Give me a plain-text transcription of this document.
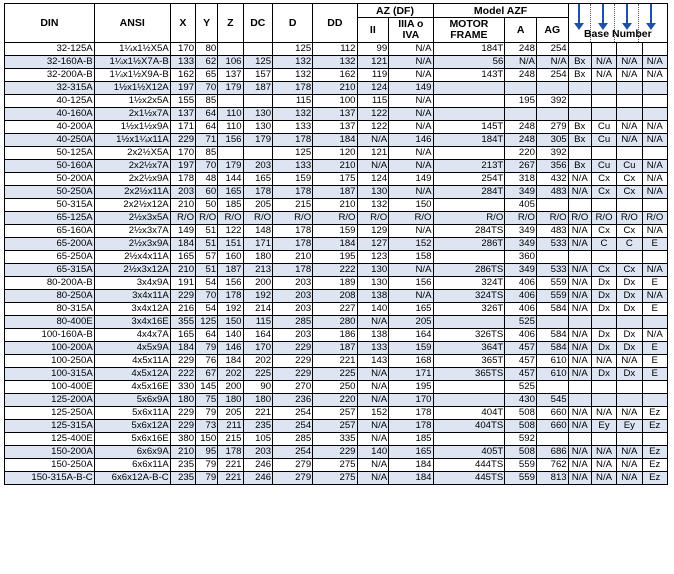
DIN	ANSI	X	Y	Z	DC	D	DD	AZ (DF)		Model AZF			Base Number			

								II	IIIA o IVA	MOTOR FRAME	A	AG				
32-125A	1¼x1½X5A	170	80			125	112	99	N/A	184T	248	254				
32-160A-B	1¼x1½X7A-B	133	62	106	125	132	132	121	N/A	56	N/A	N/A	Bx	N/A	N/A	N/A
32-200A-B	1¼x1½X9A-B	162	65	137	157	132	162	119	N/A	143T	248	254	Bx	N/A	N/A	N/A
32-315A	1½x1½X12A	197	70	179	187	178	210	124	149							
40-125A	1½x2x5A	155	85			115	100	115	N/A		195	392				
40-160A	2x1½x7A	137	64	110	130	132	137	122	N/A							
40-200A	1½x1½x9A	171	64	110	130	133	137	122	N/A	145T	248	279	Bx	Cu	N/A	N/A
40-250A	1½x1¼x11A	229	71	156	179	178	184	N/A	146	184T	248	305	Bx	Cu	N/A	N/A
50-125A	2x2½X5A	170	85			125	120	121	N/A		220	392				
50-160A	2x2½x7A	197	70	179	203	133	210	N/A	N/A	213T	267	356	Bx	Cu	Cu	N/A
50-200A	2x2½x9A	178	48	144	165	159	175	124	149	254T	318	432	N/A	Cx	Cx	N/A
50-250A	2x2½x11A	203	60	165	178	178	187	130	N/A	284T	349	483	N/A	Cx	Cx	N/A
50-315A	2x2½x12A	210	50	185	205	215	210	132	150		405					
65-125A	2½x3x5A	R/O	R/O	R/O	R/O	R/O	R/O	R/O	R/O	R/O	R/O	R/O	R/O	R/O	R/O	R/O
65-160A	2½x3x7A	149	51	122	148	178	159	129	N/A	284TS	349	483	N/A	Cx	Cx	N/A
65-200A	2½x3x9A	184	51	151	171	178	184	127	152	286T	349	533	N/A	C	C	E
65-250A	2½x4x11A	165	57	160	180	210	195	123	158		360					
65-315A	2½x3x12A	210	51	187	213	178	222	130	N/A	286TS	349	533	N/A	Cx	Cx	N/A
80-200A-B	3x4x9A	191	54	156	200	203	189	130	156	324T	406	559	N/A	Dx	Dx	E
80-250A	3x4x11A	229	70	178	192	203	208	138	N/A	324TS	406	559	N/A	Dx	Dx	N/A
80-315A	3x4x12A	216	54	192	214	203	227	140	165	326T	406	584	N/A	Dx	Dx	E
80-400E	3x4x16E	355	125	150	115	285	280	N/A	205		525					
100-160A-B	4x4x7A	165	64	140	164	203	186	138	164	326TS	406	584	N/A	Dx	Dx	N/A
100-200A	4x5x9A	184	79	146	170	229	187	133	159	364T	457	584	N/A	Dx	Dx	E
100-250A	4x5x11A	229	76	184	202	229	221	143	168	365T	457	610	N/A	N/A	N/A	E
100-315A	4x5x12A	222	67	202	225	229	225	N/A	171	365TS	457	610	N/A	Dx	Dx	E
100-400E	4x5x16E	330	145	200	90	270	250	N/A	195		525					
125-200A	5x6x9A	180	75	180	180	236	220	N/A	170		430	545				
125-250A	5x6x11A	229	79	205	221	254	257	152	178	404T	508	660	N/A	N/A	N/A	Ez
125-315A	5x6x12A	229	73	211	235	254	257	N/A	178	404TS	508	660	N/A	Ey	Ey	Ez
125-400E	5x6x16E	380	150	215	105	285	335	N/A	185		592					
150-200A	6x6x9A	210	95	178	203	254	229	140	165	405T	508	686	N/A	N/A	N/A	Ez
150-250A	6x6x11A	235	79	221	246	279	275	N/A	184	444TS	559	762	N/A	N/A	N/A	Ez
150-315A-B-C	6x6x12A-B-C	235	79	221	246	279	275	N/A	184	445TS	559	813	N/A	N/A	N/A	Ez
